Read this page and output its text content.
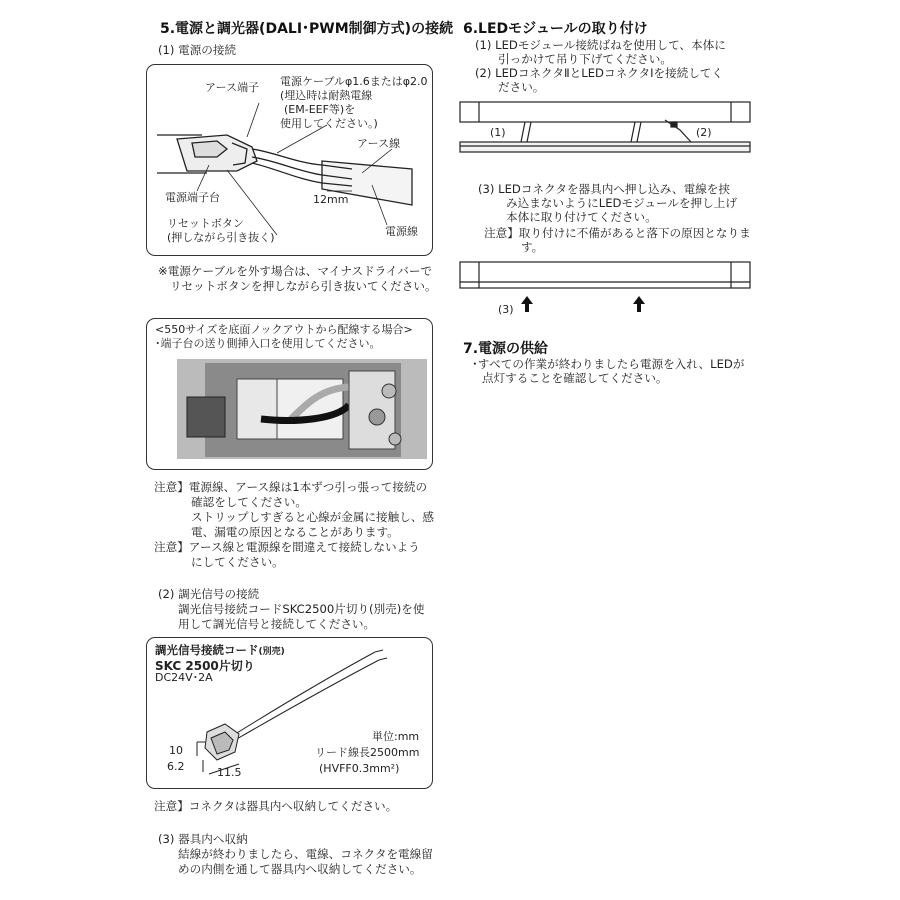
5.電源と調光器(DALI･PWM制御方式)の接続
(1) 電源の接続
アース端子 電源ケーブルφ1.6またはφ2.0
(埋込時は耐熱電線
(EM-EEF等)を
使用してください。)
アース線
電源端子台	12mm
リセットボタン
(押しながら引き抜く)	電源線
※電源ケーブルを外す場合は、マイナスドライバーで
リセットボタンを押しながら引き抜いてください。
<550サイズを底面ノックアウトから配線する場合>
･端子台の送り側挿入口を使用してください。
注意】電源線、アース線は1本ずつ引っ張って接続の
確認をしてください。
ストリップしすぎると心線が金属に接触し、感
電、漏電の原因となることがあります。
注意】アース線と電源線を間違えて接続しないよう
にしてください。
(2) 調光信号の接続
調光信号接続コードSKC2500片切り(別売)を使
用して調光信号と接続してください。
調光信号接続コード(別売)
SKC 2500片切り
DC24V･2A
10
6.2	11.5
単位:mm
リード線長2500mm
(HVFF0.3mm²)
注意】コネクタは器具内へ収納してください。
(3) 器具内へ収納
結線が終わりましたら、電線、コネクタを電線留
めの内側を通して器具内へ収納してください。
6.LEDモジュールの取り付け
(1) LEDモジュール接続ばねを使用して、本体に
引っかけて吊り下げてください。
(2) LEDコネクタⅡとLEDコネクタⅠを接続してく
ださい。
(1)	(2)
(3) LEDコネクタを器具内へ押し込み、電線を挟
み込まないようにLEDモジュールを押し上げ
本体に取り付けてください。
注意】取り付けに不備があると落下の原因となりま
す。
(3)
7.電源の供給
･すべての作業が終わりましたら電源を入れ、LEDが
点灯することを確認してください。
